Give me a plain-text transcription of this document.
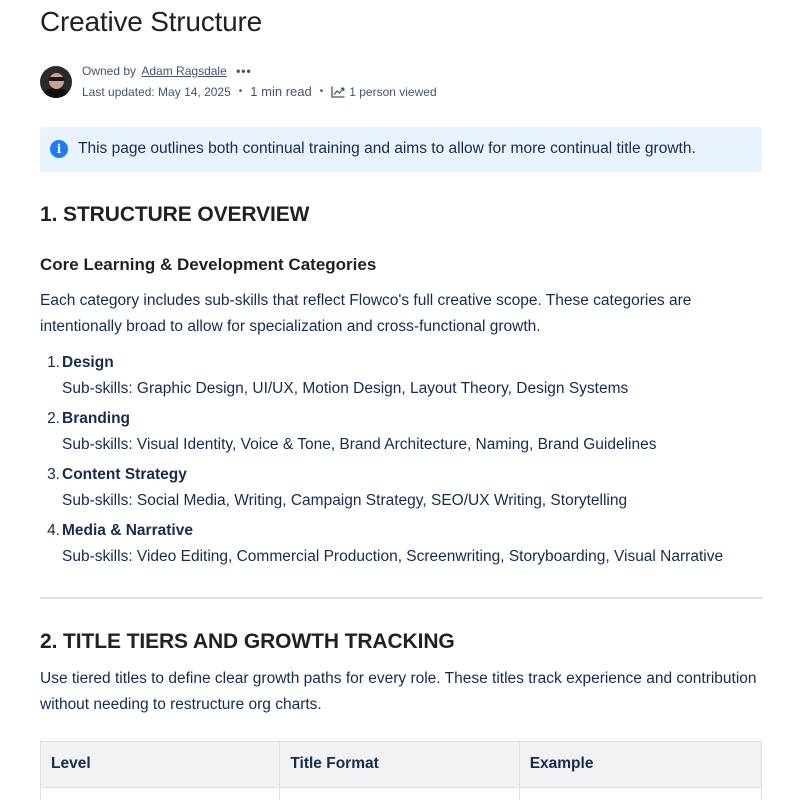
Creative Structure
Owned by Adam Ragsdale •••
Last updated: May 14, 2025 • 1 min read • 1 person viewed
i	This page outlines both continual training and aims to allow for more continual title growth.
1. STRUCTURE OVERVIEW
Core Learning & Development Categories

Each category includes sub-skills that reflect Flowco's full creative scope. These categories are intentionally broad to allow for specialization and cross-functional growth.

1. Design
Sub-skills: Graphic Design, UI/UX, Motion Design, Layout Theory, Design Systems
2. Branding
Sub-skills: Visual Identity, Voice & Tone, Brand Architecture, Naming, Brand Guidelines
3. Content Strategy
Sub-skills: Social Media, Writing, Campaign Strategy, SEO/UX Writing, Storytelling
4. Media & Narrative
Sub-skills: Video Editing, Commercial Production, Screenwriting, Storyboarding, Visual Narrative
2. TITLE TIERS AND GROWTH TRACKING

Use tiered titles to define clear growth paths for every role. These titles track experience and contribution without needing to restructure org charts.

Level	Title Format	Example
